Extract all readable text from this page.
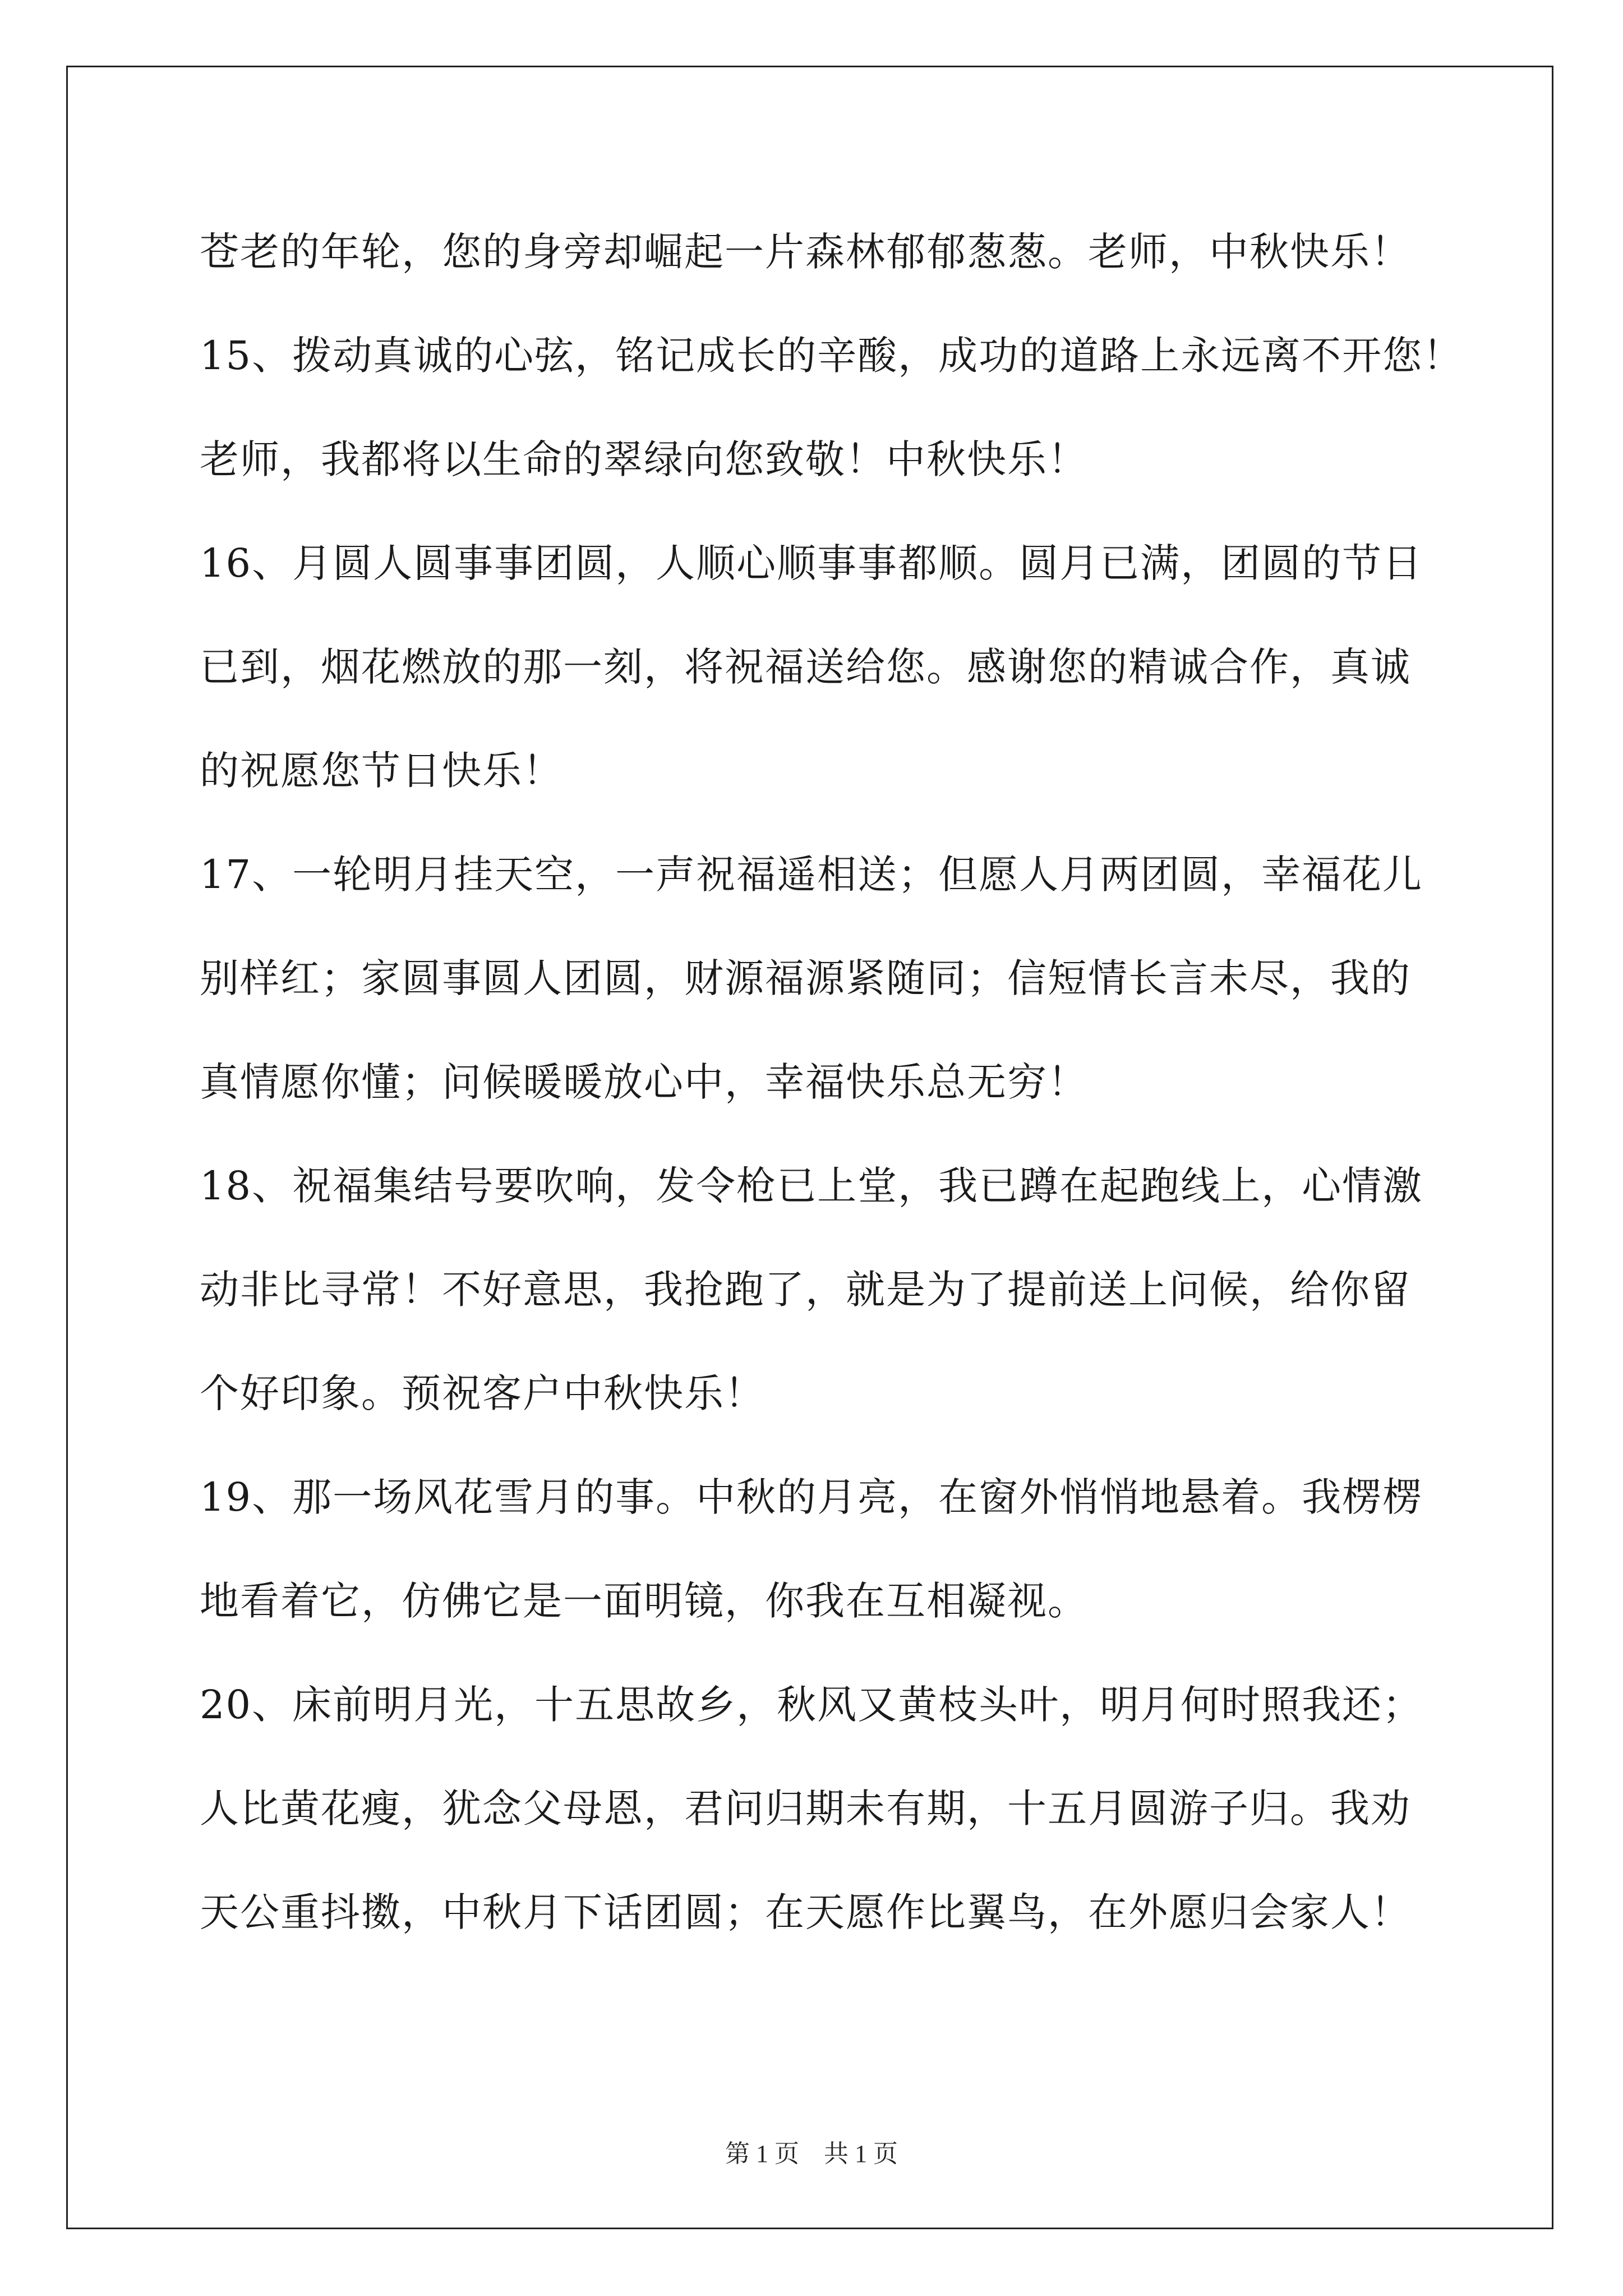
苍老的年轮，您的身旁却崛起一片森林郁郁葱葱。老师，中秋快乐！
15、拨动真诚的心弦，铭记成长的辛酸，成功的道路上永远离不开您！
老师，我都将以生命的翠绿向您致敬！中秋快乐！
16、月圆人圆事事团圆，人顺心顺事事都顺。圆月已满，团圆的节日
已到，烟花燃放的那一刻，将祝福送给您。感谢您的精诚合作，真诚
的祝愿您节日快乐！
17、一轮明月挂天空，一声祝福遥相送；但愿人月两团圆，幸福花儿
别样红；家圆事圆人团圆，财源福源紧随同；信短情长言未尽，我的
真情愿你懂；问候暖暖放心中，幸福快乐总无穷！
18、祝福集结号要吹响，发令枪已上堂，我已蹲在起跑线上，心情激
动非比寻常！不好意思，我抢跑了，就是为了提前送上问候，给你留
个好印象。预祝客户中秋快乐！
19、那一场风花雪月的事。中秋的月亮，在窗外悄悄地悬着。我楞楞
地看着它，仿佛它是一面明镜，你我在互相凝视。
20、床前明月光，十五思故乡，秋风又黄枝头叶，明月何时照我还；
人比黄花瘦，犹念父母恩，君问归期未有期，十五月圆游子归。我劝
天公重抖擞，中秋月下话团圆；在天愿作比翼鸟，在外愿归会家人！
第 1 页 共 1 页
